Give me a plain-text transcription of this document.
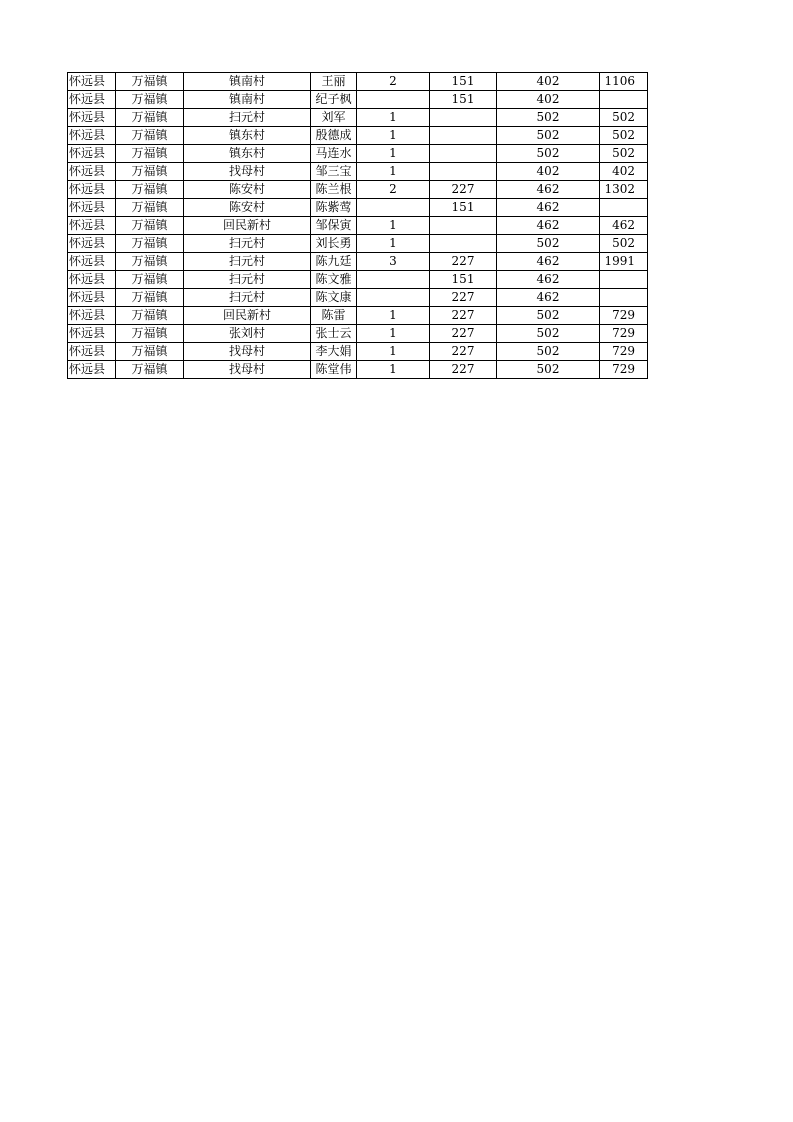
怀远县	万福镇	镇南村	王丽	2	151	402	1106
怀远县	万福镇	镇南村	纪子枫		151	402	
怀远县	万福镇	扫元村	刘军	1		502	502
怀远县	万福镇	镇东村	殷德成	1		502	502
怀远县	万福镇	镇东村	马连水	1		502	502
怀远县	万福镇	找母村	邹三宝	1		402	402
怀远县	万福镇	陈安村	陈兰根	2	227	462	1302
怀远县	万福镇	陈安村	陈紫莺		151	462	
怀远县	万福镇	回民新村	邹保寅	1		462	462
怀远县	万福镇	扫元村	刘长勇	1		502	502
怀远县	万福镇	扫元村	陈九廷	3	227	462	1991
怀远县	万福镇	扫元村	陈文雅		151	462	
怀远县	万福镇	扫元村	陈文康		227	462	
怀远县	万福镇	回民新村	陈雷	1	227	502	729
怀远县	万福镇	张刘村	张士云	1	227	502	729
怀远县	万福镇	找母村	李大娟	1	227	502	729
怀远县	万福镇	找母村	陈堂伟	1	227	502	729
